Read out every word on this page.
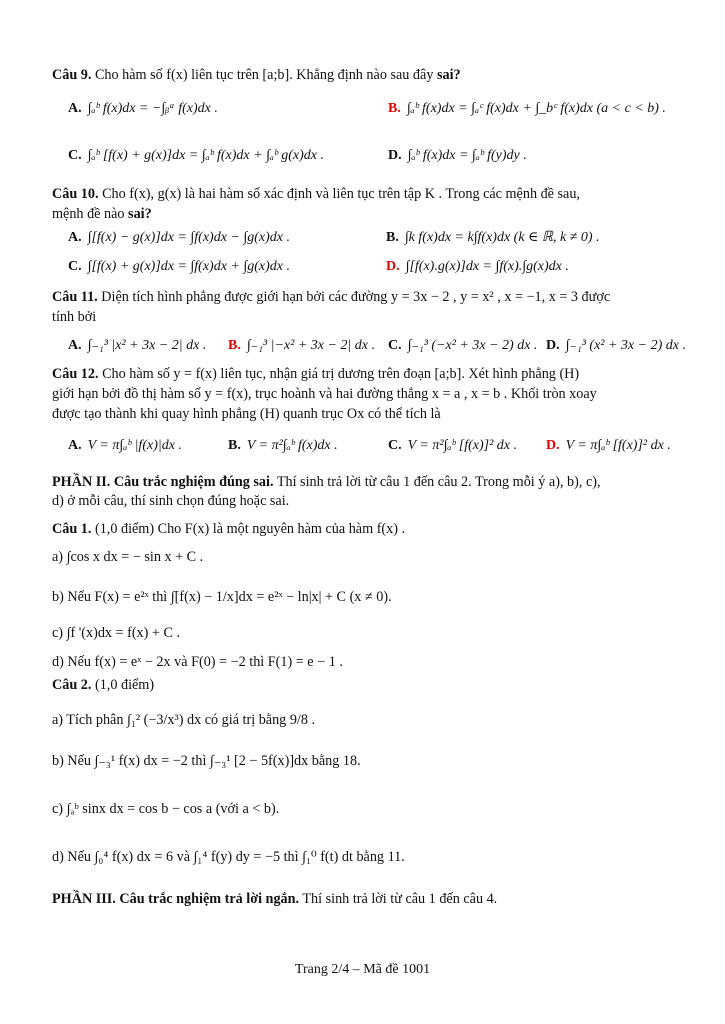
Câu 9. Cho hàm số f(x) liên tục trên [a;b]. Khẳng định nào sau đây sai?
A. ∫ₐᵇ f(x)dx = −∫ᵦᵃ f(x)dx .	B. ∫ₐᵇ f(x)dx = ∫ₐᶜ f(x)dx + ∫_bᶜ f(x)dx (a < c < b) .
C. ∫ₐᵇ [f(x) + g(x)]dx = ∫ₐᵇ f(x)dx + ∫ₐᵇ g(x)dx .	D. ∫ₐᵇ f(x)dx = ∫ₐᵇ f(y)dy .
Câu 10. Cho f(x), g(x) là hai hàm số xác định và liên tục trên tập K . Trong các mệnh đề sau,
mệnh đề nào sai?
A. ∫[f(x) − g(x)]dx = ∫f(x)dx − ∫g(x)dx .	B. ∫k f(x)dx = k∫f(x)dx (k ∈ ℝ, k ≠ 0) .
C. ∫[f(x) + g(x)]dx = ∫f(x)dx + ∫g(x)dx .	D. ∫[f(x).g(x)]dx = ∫f(x).∫g(x)dx .
Câu 11. Diện tích hình phẳng được giới hạn bởi các đường y = 3x − 2 , y = x² , x = −1, x = 3 được
tính bởi
A. ∫₋₁³ |x² + 3x − 2| dx . B. ∫₋₁³ |−x² + 3x − 2| dx . C. ∫₋₁³ (−x² + 3x − 2) dx . D. ∫₋₁³ (x² + 3x − 2) dx .
Câu 12. Cho hàm số y = f(x) liên tục, nhận giá trị dương trên đoạn [a;b]. Xét hình phẳng (H)
giới hạn bởi đồ thị hàm số y = f(x), trục hoành và hai đường thẳng x = a , x = b . Khối tròn xoay
được tạo thành khi quay hình phẳng (H) quanh trục Ox có thể tích là
A. V = π∫ₐᵇ |f(x)|dx .	B. V = π²∫ₐᵇ f(x)dx .	C. V = π²∫ₐᵇ [f(x)]² dx . D. V = π∫ₐᵇ [f(x)]² dx .
PHẦN II. Câu trắc nghiệm đúng sai. Thí sinh trả lời từ câu 1 đến câu 2. Trong mỗi ý a), b), c),
d) ở mỗi câu, thí sinh chọn đúng hoặc sai.
Câu 1. (1,0 điểm) Cho F(x) là một nguyên hàm của hàm f(x) .
a) ∫cos x dx = − sin x + C .
b) Nếu F(x) = e²ˣ thì ∫[f(x) − 1/x]dx = e²ˣ − ln|x| + C (x ≠ 0).
c) ∫f '(x)dx = f(x) + C .
d) Nếu f(x) = eˣ − 2x và F(0) = −2 thì F(1) = e − 1 .
Câu 2. (1,0 điểm)
a) Tích phân ∫₁² (−3/x³) dx có giá trị bằng 9/8 .
b) Nếu ∫₋₃¹ f(x) dx = −2 thì ∫₋₃¹ [2 − 5f(x)]dx bằng 18.
c) ∫ₐᵇ sinx dx = cos b − cos a (với a < b).
d) Nếu ∫₀⁴ f(x) dx = 6 và ∫₁⁴ f(y) dy = −5 thì ∫₁⁰ f(t) dt bằng 11.
PHẦN III. Câu trắc nghiệm trả lời ngắn. Thí sinh trả lời từ câu 1 đến câu 4.
Trang 2/4 – Mã đề 1001
